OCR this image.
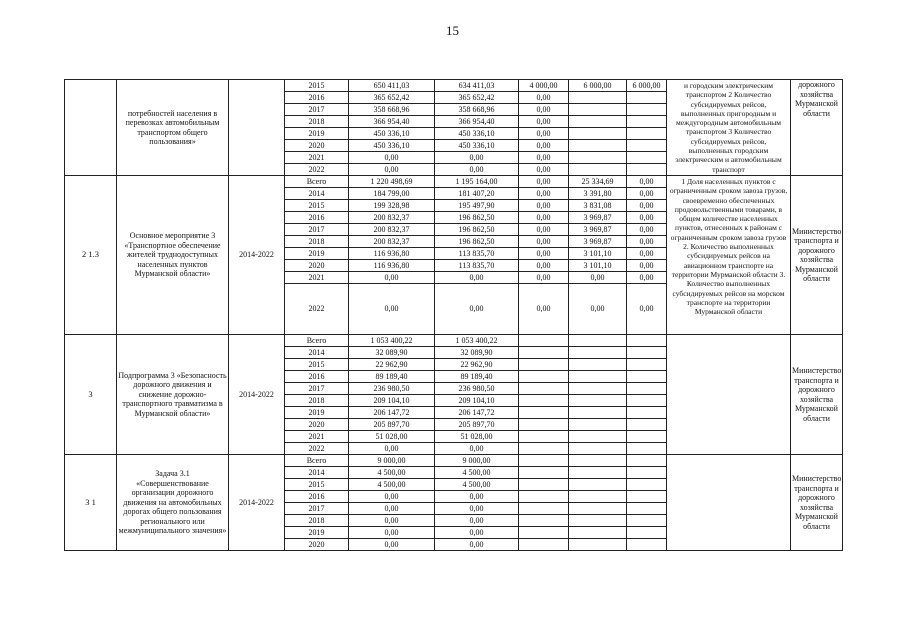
15
	потребностей населения в перевозках автомобильным транспортом общего пользования»		2015	650 411,03	634 411,03	4 000,00	6 000,00	6 000,00	и городским электрическим транспортом 2 Количество субсидируемых рейсов, выполненных пригородным и междугородным автомобильным транспортом 3 Количество субсидируемых рейсов, выполненных городским электрическим и автомобильным транспорт	дорожного хозяйства Мурманской области
			2016	365 652,42	365 652,42	0,00				
			2017	358 668,96	358 668,96	0,00				
			2018	366 954,40	366 954,40	0,00				
			2019	450 336,10	450 336,10	0,00				
			2020	450 336,10	450 336,10	0,00				
			2021	0,00	0,00	0,00				
			2022	0,00	0,00	0,00				
2 1.3	Основное мероприятие 3 «Транспортное обеспечение жителей труднодоступных населенных пунктов Мурманской области»	2014-2022	Всего	1 220 498,69	1 195 164,00	0,00	25 334,69	0,00	1 Доля населенных пунктов с ограниченным сроком завоза грузов, своевременно обеспеченных продовольственными товарами, в общем количестве населенных пунктов, отнесенных к районам с ограниченным сроком завоза грузов 2. Количество выполненных субсидируемых рейсов на авиационном транспорте на территории Мурманской области 3. Количество выполненных субсидируемых рейсов на морском транспорте на территории Мурманской области	Министерство транспорта и дорожного хозяйства Мурманской области
			2014	184 799,00	181 407,20	0,00	3 391,80	0,00		
			2015	199 328,98	195 497,90	0,00	3 831,08	0,00		
			2016	200 832,37	196 862,50	0,00	3 969,87	0,00		
			2017	200 832,37	196 862,50	0,00	3 969,87	0,00		
			2018	200 832,37	196 862,50	0,00	3 969,87	0,00		
			2019	116 936,80	113 835,70	0,00	3 101,10	0,00		
			2020	116 936,80	113 835,70	0,00	3 101,10	0,00		
			2021	0,00	0,00	0,00	0,00	0,00		
			2022	0,00	0,00	0,00	0,00	0,00		
3	Подпрограмма 3 «Безопасность дорожного движения и снижение дорожно-транспортного травматизма в Мурманской области»	2014-2022	Всего	1 053 400,22	1 053 400,22					Министерство транспорта и дорожного хозяйства Мурманской области
			2014	32 089,90	32 089,90					
			2015	22 962,90	22 962,90					
			2016	89 189,40	89 189,40					
			2017	236 980,50	236 980,50					
			2018	209 104,10	209 104,10					
			2019	206 147,72	206 147,72					
			2020	205 897,70	205 897,70					
			2021	51 028,00	51 028,00					
			2022	0,00	0,00					
3 1	Задача 3.1 «Совершенствование организации дорожного движения на автомобильных дорогах общего пользования регионального или межмуниципального значения»	2014-2022	Всего	9 000,00	9 000,00					Министерство транспорта и дорожного хозяйства Мурманской области
			2014	4 500,00	4 500,00					
			2015	4 500,00	4 500,00					
			2016	0,00	0,00					
			2017	0,00	0,00					
			2018	0,00	0,00					
			2019	0,00	0,00					
			2020	0,00	0,00					
